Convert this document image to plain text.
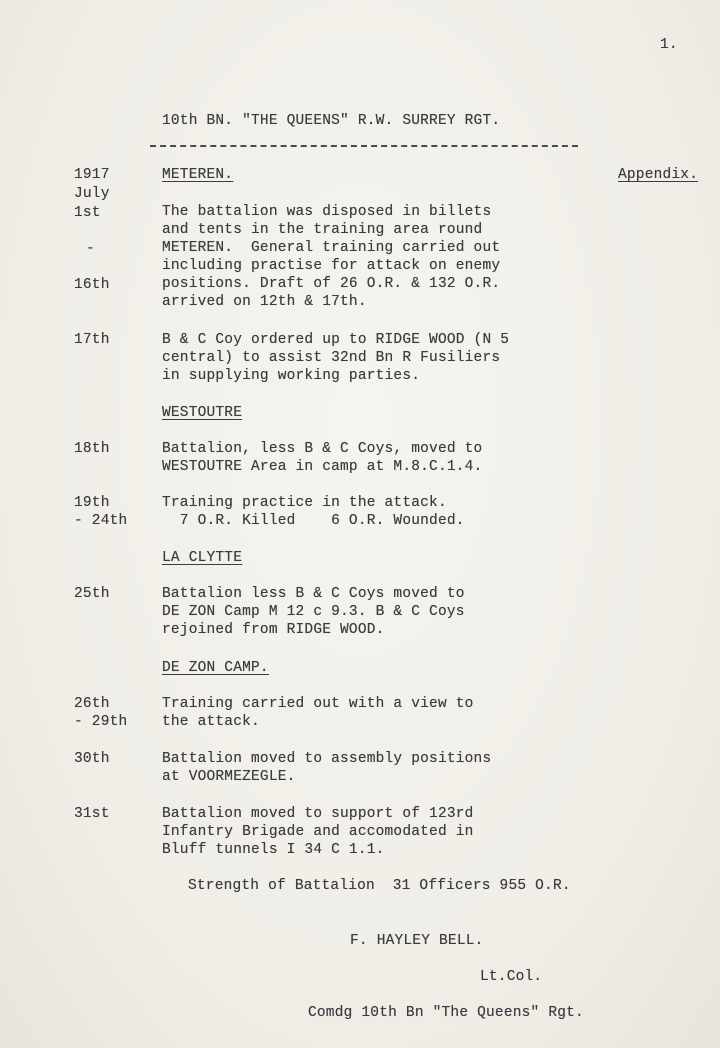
1.
10th BN. "THE QUEENS" R.W. SURREY RGT.
Appendix.
1917
July
1st
-
16th
17th
18th
19th
- 24th
25th
26th
- 29th
30th
31st
METEREN.
WESTOUTRE
LA CLYTTE
DE ZON CAMP.
The battalion was disposed in billets
and tents in the training area round
METEREN.  General training carried out
including practise for attack on enemy
positions. Draft of 26 O.R. & 132 O.R.
arrived on 12th & 17th.
B & C Coy ordered up to RIDGE WOOD (N 5
central) to assist 32nd Bn R Fusiliers
in supplying working parties.
Battalion, less B & C Coys, moved to
WESTOUTRE Area in camp at M.8.C.1.4.
Training practice in the attack.
7 O.R. Killed    6 O.R. Wounded.
Battalion less B & C Coys moved to
DE ZON Camp M 12 c 9.3. B & C Coys
rejoined from RIDGE WOOD.
Training carried out with a view to
the attack.
Battalion moved to assembly positions
at VOORMEZEGLE.
Battalion moved to support of 123rd
Infantry Brigade and accomodated in
Bluff tunnels I 34 C 1.1.
Strength of Battalion  31 Officers 955 O.R.
F. HAYLEY BELL.
Lt.Col.
Comdg 10th Bn "The Queens" Rgt.
